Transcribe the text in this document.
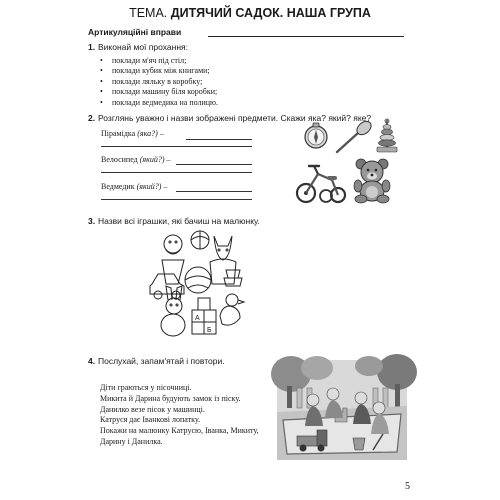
ТЕМА. ДИТЯЧИЙ САДОК. НАША ГРУПА
Артикуляційні вправи
1. Виконай мої прохання:
• поклади м'яч під стіл;
• поклади кубик між книгами;
• поклади ляльку в коробку;
• поклади машину біля коробки;
• поклади ведмедика на полицю.
2. Розглянь уважно і назви зображені предмети. Скажи яка? який? яке?
Пірамідка (яка?) –
Велосипед (який?) –
Ведмедик (який?) –
3. Назви всі іграшки, які бачиш на малюнку.
А
Б
4. Послухай, запам'ятай і повтори.
Діти граються у пісочниці.
Микита й Дарина будують замок із піску.
Данилко везе пісок у машинці.
Катруся дає Іванкові лопатку.
Покажи на малюнку Катрусю, Іванка, Микиту,
Дарину і Данилка.
5
